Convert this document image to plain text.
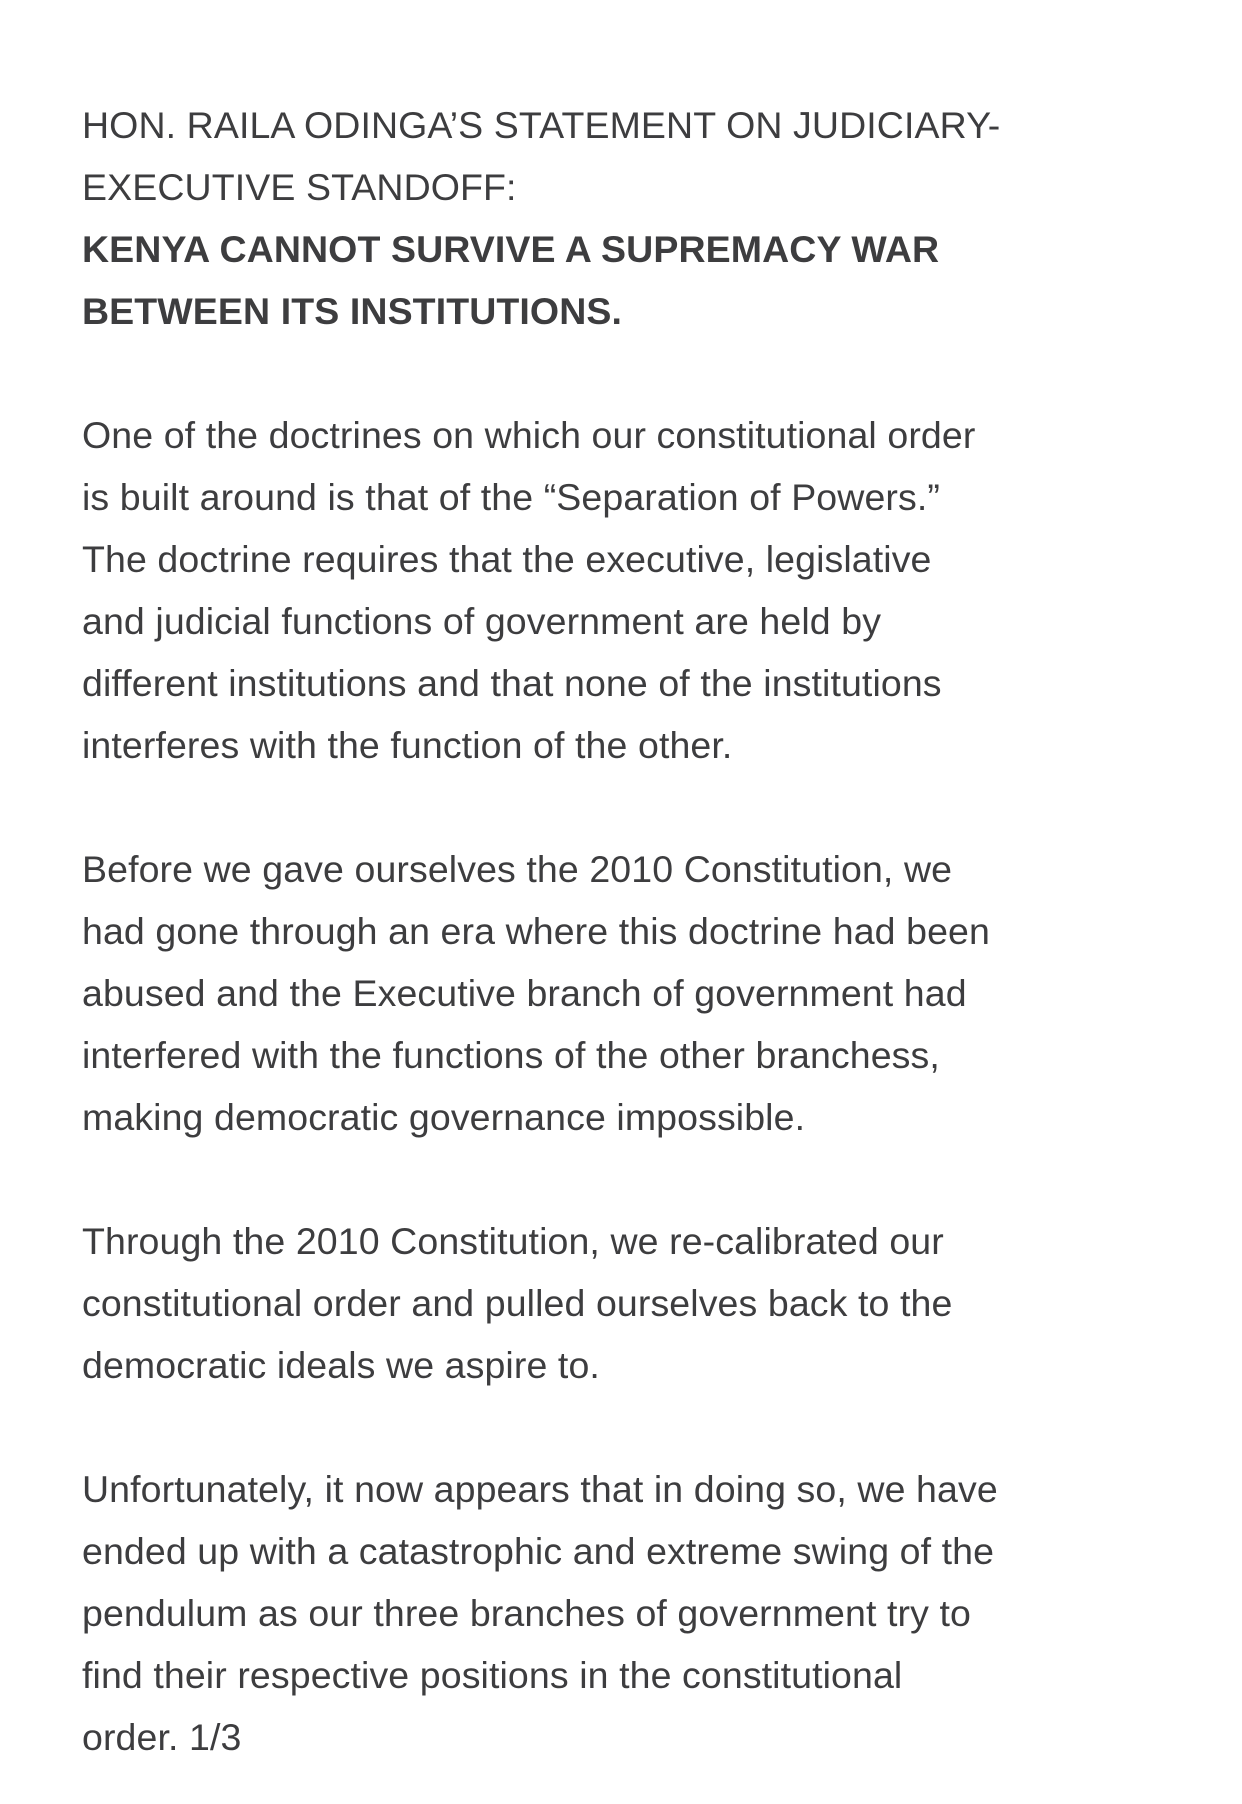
HON. RAILA ODINGA’S STATEMENT ON JUDICIARY-
EXECUTIVE STANDOFF:
KENYA CANNOT SURVIVE A SUPREMACY WAR
BETWEEN ITS INSTITUTIONS.

One of the doctrines on which our constitutional order
is built around is that of the “Separation of Powers.”
The doctrine requires that the executive, legislative
and judicial functions of government are held by
different institutions and that none of the institutions
interferes with the function of the other.

Before we gave ourselves the 2010 Constitution, we
had gone through an era where this doctrine had been
abused and the Executive branch of government had
interfered with the functions of the other branchess,
making democratic governance impossible.

Through the 2010 Constitution, we re-calibrated our
constitutional order and pulled ourselves back to the
democratic ideals we aspire to.

Unfortunately, it now appears that in doing so, we have
ended up with a catastrophic and extreme swing of the
pendulum as our three branches of government try to
find their respective positions in the constitutional
order. 1/3
